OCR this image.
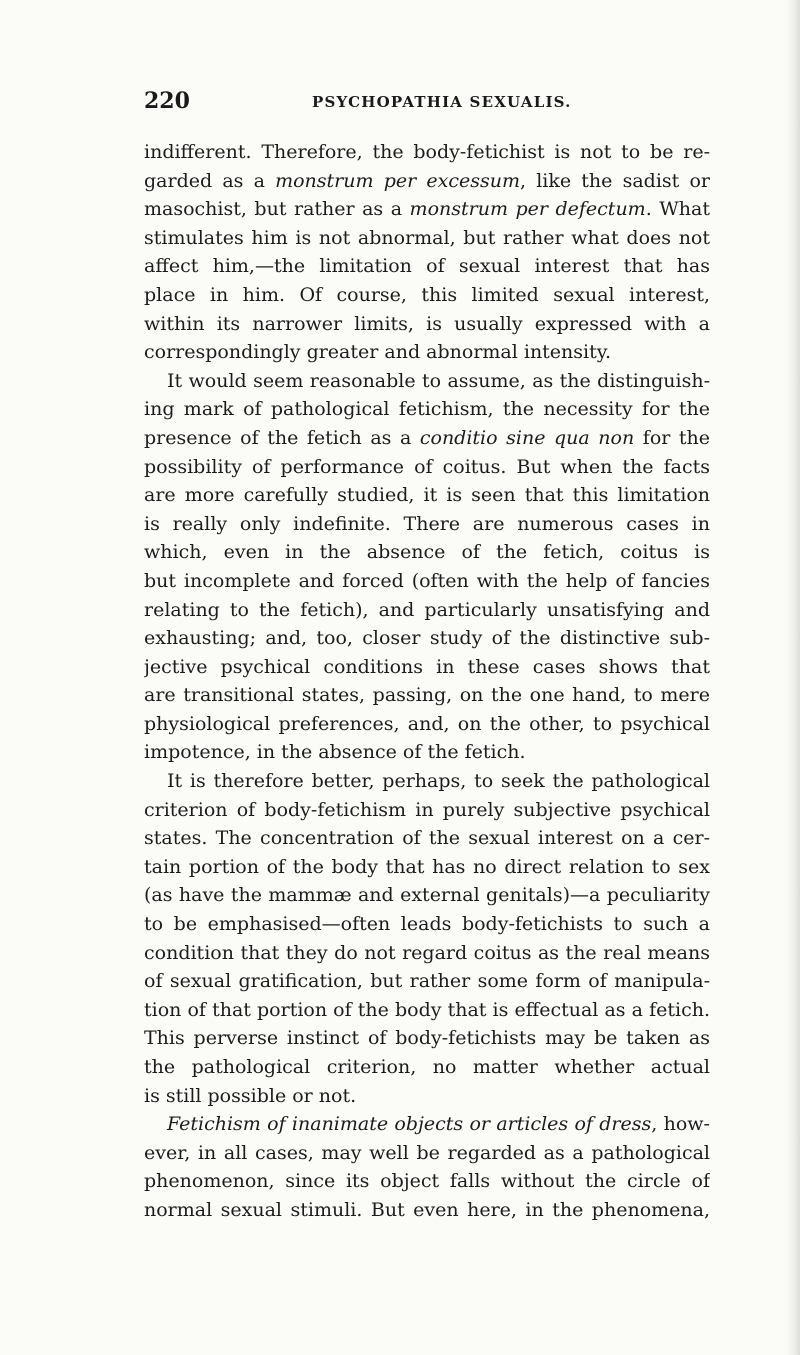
220	PSYCHOPATHIA SEXUALIS.
indifferent. Therefore, the body-fetichist is not to be re-
garded as a monstrum per excessum, like the sadist or
masochist, but rather as a monstrum per defectum. What
stimulates him is not abnormal, but rather what does not
affect him,—the limitation of sexual interest that has
place in him. Of course, this limited sexual interest,
within its narrower limits, is usually expressed with a
correspondingly greater and abnormal intensity.
It would seem reasonable to assume, as the distinguish-
ing mark of pathological fetichism, the necessity for the
presence of the fetich as a conditio sine qua non for the
possibility of performance of coitus. But when the facts
are more carefully studied, it is seen that this limitation
is really only indefinite. There are numerous cases in
which, even in the absence of the fetich, coitus is
but incomplete and forced (often with the help of fancies
relating to the fetich), and particularly unsatisfying and
exhausting; and, too, closer study of the distinctive sub-
jective psychical conditions in these cases shows that
are transitional states, passing, on the one hand, to mere
physiological preferences, and, on the other, to psychical
impotence, in the absence of the fetich.
It is therefore better, perhaps, to seek the pathological
criterion of body-fetichism in purely subjective psychical
states. The concentration of the sexual interest on a cer-
tain portion of the body that has no direct relation to sex
(as have the mammæ and external genitals)—a peculiarity
to be emphasised—often leads body-fetichists to such a
condition that they do not regard coitus as the real means
of sexual gratification, but rather some form of manipula-
tion of that portion of the body that is effectual as a fetich.
This perverse instinct of body-fetichists may be taken as
the pathological criterion, no matter whether actual
is still possible or not.
Fetichism of inanimate objects or articles of dress, how-
ever, in all cases, may well be regarded as a pathological
phenomenon, since its object falls without the circle of
normal sexual stimuli. But even here, in the phenomena,
